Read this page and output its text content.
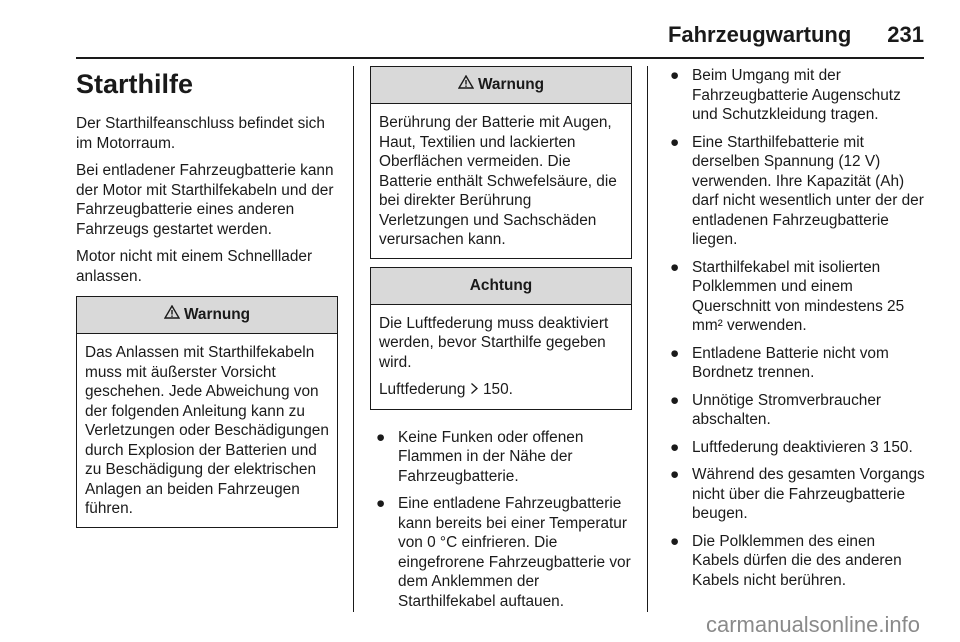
Fahrzeugwartung 231
Starthilfe

Der Starthilfeanschluss befindet sich im Motorraum.

Bei entladener Fahrzeugbatterie kann der Motor mit Starthilfekabeln und der Fahrzeugbatterie eines anderen Fahrzeugs gestartet werden.

Motor nicht mit einem Schnelllader anlassen.

Warnung

Das Anlassen mit Starthilfekabeln muss mit äußerster Vorsicht geschehen. Jede Abweichung von der folgenden Anleitung kann zu Verletzungen oder Beschädigungen durch Explosion der Batterien und zu Beschädigung der elektrischen Anlagen an beiden Fahrzeugen führen.

Warnung

Berührung der Batterie mit Augen, Haut, Textilien und lackierten Oberflächen vermeiden. Die Batterie enthält Schwefelsäure, die bei direkter Berührung Verletzungen und Sachschäden verursachen kann.

Achtung

Die Luftfederung muss deaktiviert werden, bevor Starthilfe gegeben wird.

Luftfederung 150.

● Keine Funken oder offenen Flammen in der Nähe der Fahrzeugbatterie.
● Eine entladene Fahrzeugbatterie kann bereits bei einer Temperatur von 0 °C einfrieren. Die eingefrorene Fahrzeugbatterie vor dem Anklemmen der Starthilfekabel auftauen.
● Beim Umgang mit der Fahrzeugbatterie Augenschutz und Schutzkleidung tragen.
● Eine Starthilfebatterie mit derselben Spannung (12 V) verwenden. Ihre Kapazität (Ah) darf nicht wesentlich unter der der entladenen Fahrzeugbatterie liegen.
● Starthilfekabel mit isolierten Polklemmen und einem Querschnitt von mindestens 25 mm² verwenden.
● Entladene Batterie nicht vom Bordnetz trennen.
● Unnötige Stromverbraucher abschalten.
● Luftfederung deaktivieren 3 150.
● Während des gesamten Vorgangs nicht über die Fahrzeugbatterie beugen.
● Die Polklemmen des einen Kabels dürfen die des anderen Kabels nicht berühren.
carmanualsonline.info
